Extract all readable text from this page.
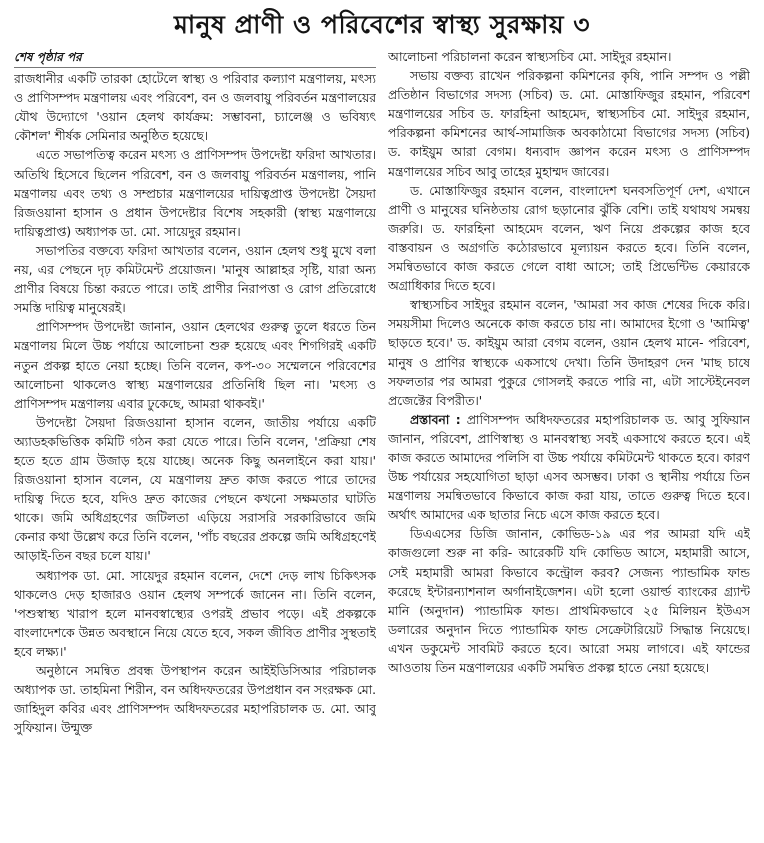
মানুষ প্রাণী ও পরিবেশের স্বাস্থ্য সুরক্ষায় ৩

শেষ পৃষ্ঠার পর

রাজধানীর একটি তারকা হোটেলে স্বাস্থ্য ও পরিবার কল্যাণ মন্ত্রণালয়, মৎস্য ও প্রাণিসম্পদ মন্ত্রণালয় এবং পরিবেশ, বন ও জলবায়ু পরিবর্তন মন্ত্রণালয়ের যৌথ উদ্যোগে 'ওয়ান হেলথ কার্যক্রম: সম্ভাবনা, চ্যালেঞ্জ ও ভবিষ্যৎ কৌশল' শীর্ষক সেমিনার অনুষ্ঠিত হয়েছে।

এতে সভাপতিত্ব করেন মৎস্য ও প্রাণিসম্পদ উপদেষ্টা ফরিদা আখতার। অতিথি হিসেবে ছিলেন পরিবেশ, বন ও জলবায়ু পরিবর্তন মন্ত্রণালয়, পানি মন্ত্রণালয় এবং তথ্য ও সম্প্রচার মন্ত্রণালয়ের দায়িত্বপ্রাপ্ত উপদেষ্টা সৈয়দা রিজওয়ানা হাসান ও প্রধান উপদেষ্টার বিশেষ সহকারী (স্বাস্থ্য মন্ত্রণালয়ে দায়িত্বপ্রাপ্ত) অধ্যাপক ডা. মো. সায়েদুর রহমান।

সভাপতির বক্তব্যে ফরিদা আখতার বলেন, ওয়ান হেলথ শুধু মুখে বলা নয়, এর পেছনে দৃঢ় কমিটমেন্ট প্রয়োজন। 'মানুষ আল্লাহর সৃষ্টি, যারা অন্য প্রাণীর বিষয়ে চিন্তা করতে পারে। তাই প্রাণীর নিরাপত্তা ও রোগ প্রতিরোধে সমস্তি দায়িত্ব মানুষেরই।

প্রাণিসম্পদ উপদেষ্টা জানান, ওয়ান হেলথের গুরুত্ব তুলে ধরতে তিন মন্ত্রণালয় মিলে উচ্চ পর্যায়ে আলোচনা শুরু হয়েছে এবং শিগগিরই একটি নতুন প্রকল্প হাতে নেয়া হচ্ছে। তিনি বলেন, কপ-৩০ সম্মেলনে পরিবেশের আলোচনা থাকলেও স্বাস্থ্য মন্ত্রণালয়ের প্রতিনিধি ছিল না। 'মৎস্য ও প্রাণিসম্পদ মন্ত্রণালয় এবার ঢুকেছে, আমরা থাকবই।'

উপদেষ্টা সৈয়দা রিজওয়ানা হাসান বলেন, জাতীয় পর্যায়ে একটি অ্যাডহকভিত্তিক কমিটি গঠন করা যেতে পারে। তিনি বলেন, 'প্রক্রিয়া শেষ হতে হতে গ্রাম উজাড় হয়ে যাচ্ছে। অনেক কিছু অনলাইনে করা যায়।' রিজওয়ানা হাসান বলেন, যে মন্ত্রণালয় দ্রুত কাজ করতে পারে তাদের দায়িত্ব দিতে হবে, যদিও দ্রুত কাজের পেছনে কখনো সক্ষমতার ঘাটতি থাকে। জমি অধিগ্রহণের জটিলতা এড়িয়ে সরাসরি সরকারিভাবে জমি কেনার কথা উল্লেখ করে তিনি বলেন, 'পাঁচ বছরের প্রকল্পে জমি অধিগ্রহণেই আড়াই-তিন বছর চলে যায়।'

অধ্যাপক ডা. মো. সায়েদুর রহমান বলেন, দেশে দেড় লাখ চিকিৎসক থাকলেও দেড় হাজারও ওয়ান হেলথ সম্পর্কে জানেন না। তিনি বলেন, 'পশুস্বাস্থ্য খারাপ হলে মানবস্বাস্থ্যের ওপরই প্রভাব পড়ে। এই প্রকল্পকে বাংলাদেশকে উন্নত অবস্থানে নিয়ে যেতে হবে, সকল জীবিত প্রাণীর সুস্থতাই হবে লক্ষ্য।'

অনুষ্ঠানে সমন্বিত প্রবন্ধ উপস্থাপন করেন আইইডিসিআর পরিচালক অধ্যাপক ডা. তাহমিনা শিরীন, বন অধিদফতরের উপপ্রধান বন সংরক্ষক মো. জাহিদুল কবির এবং প্রাণিসম্পদ অধিদফতরের মহাপরিচালক ড. মো. আবু সুফিয়ান। উন্মুক্ত

আলোচনা পরিচালনা করেন স্বাস্থ্যসচিব মো. সাইদুর রহমান।

সভায় বক্তব্য রাখেন পরিকল্পনা কমিশনের কৃষি, পানি সম্পদ ও পল্লী প্রতিষ্ঠান বিভাগের সদস্য (সচিব) ড. মো. মোস্তাফিজুর রহমান, পরিবেশ মন্ত্রণালয়ের সচিব ড. ফারহিনা আহমেদ, স্বাস্থ্যসচিব মো. সাইদুর রহমান, পরিকল্পনা কমিশনের আর্থ-সামাজিক অবকাঠামো বিভাগের সদস্য (সচিব) ড. কাইয়ুম আরা বেগম। ধন্যবাদ জ্ঞাপন করেন মৎস্য ও প্রাণিসম্পদ মন্ত্রণালয়ের সচিব আবু তাহের মুহাম্মদ জাবের।

ড. মোস্তাফিজুর রহমান বলেন, বাংলাদেশ ঘনবসতিপূর্ণ দেশ, এখানে প্রাণী ও মানুষের ঘনিষ্ঠতায় রোগ ছড়ানোর ঝুঁকি বেশি। তাই যথাযথ সমন্বয় জরুরি। ড. ফারহিনা আহমেদ বলেন, ঋণ নিয়ে প্রকল্পের কাজ হবে বাস্তবায়ন ও অগ্রগতি কঠোরভাবে মূল্যায়ন করতে হবে। তিনি বলেন, সমন্বিতভাবে কাজ করতে গেলে বাধা আসে; তাই প্রিভেন্টিভ কেয়ারকে অগ্রাধিকার দিতে হবে।

স্বাস্থ্যসচিব সাইদুর রহমান বলেন, 'আমরা সব কাজ শেষের দিকে করি। সময়সীমা দিলেও অনেকে কাজ করতে চায় না। আমাদের ইগো ও 'আমিত্ব' ছাড়তে হবে।' ড. কাইয়ুম আরা বেগম বলেন, ওয়ান হেলথ মানে- পরিবেশ, মানুষ ও প্রাণির স্বাস্থ্যকে একসাথে দেখা। তিনি উদাহরণ দেন 'মাছ চাষে সফলতার পর আমরা পুকুরে গোসলই করতে পারি না, এটা সাস্টেইনেবল প্রজেক্টের বিপরীত।'

প্রস্তাবনা : প্রাণিসম্পদ অধিদফতরের মহাপরিচালক ড. আবু সুফিয়ান জানান, পরিবেশ, প্রাণিস্বাস্থ্য ও মানবস্বাস্থ্য সবই একসাথে করতে হবে। এই কাজ করতে আমাদের পলিসি বা উচ্চ পর্যায়ে কমিটমেন্ট থাকতে হবে। কারণ উচ্চ পর্যায়ের সহযোগিতা ছাড়া এসব অসম্ভব। ঢাকা ও স্থানীয় পর্যায়ে তিন মন্ত্রণালয় সমন্বিতভাবে কিভাবে কাজ করা যায়, তাতে গুরুত্ব দিতে হবে। অর্থাৎ আমাদের এক ছাতার নিচে এসে কাজ করতে হবে।

ডিএএসের ডিজি জানান, কোভিড-১৯ এর পর আমরা যদি এই কাজগুলো শুরু না করি- আরেকটি যদি কোভিড আসে, মহামারী আসে, সেই মহামারী আমরা কিভাবে কন্ট্রোল করব? সেজন্য প্যান্ডামিক ফান্ড করেছে ইন্টারন্যাশনাল অর্গানাইজেশন। এটা হলো ওয়ার্ল্ড ব্যাংকের গ্র্যান্ট মানি (অনুদান) প্যান্ডামিক ফান্ড। প্রাথমিকভাবে ২৫ মিলিয়ন ইউএস ডলারের অনুদান দিতে প্যান্ডামিক ফান্ড সেক্রেটারিয়েট সিদ্ধান্ত নিয়েছে। এখন ডকুমেন্ট সাবমিট করতে হবে। আরো সময় লাগবে। এই ফান্ডের আওতায় তিন মন্ত্রণালয়ের একটি সমন্বিত প্রকল্প হাতে নেয়া হয়েছে।
